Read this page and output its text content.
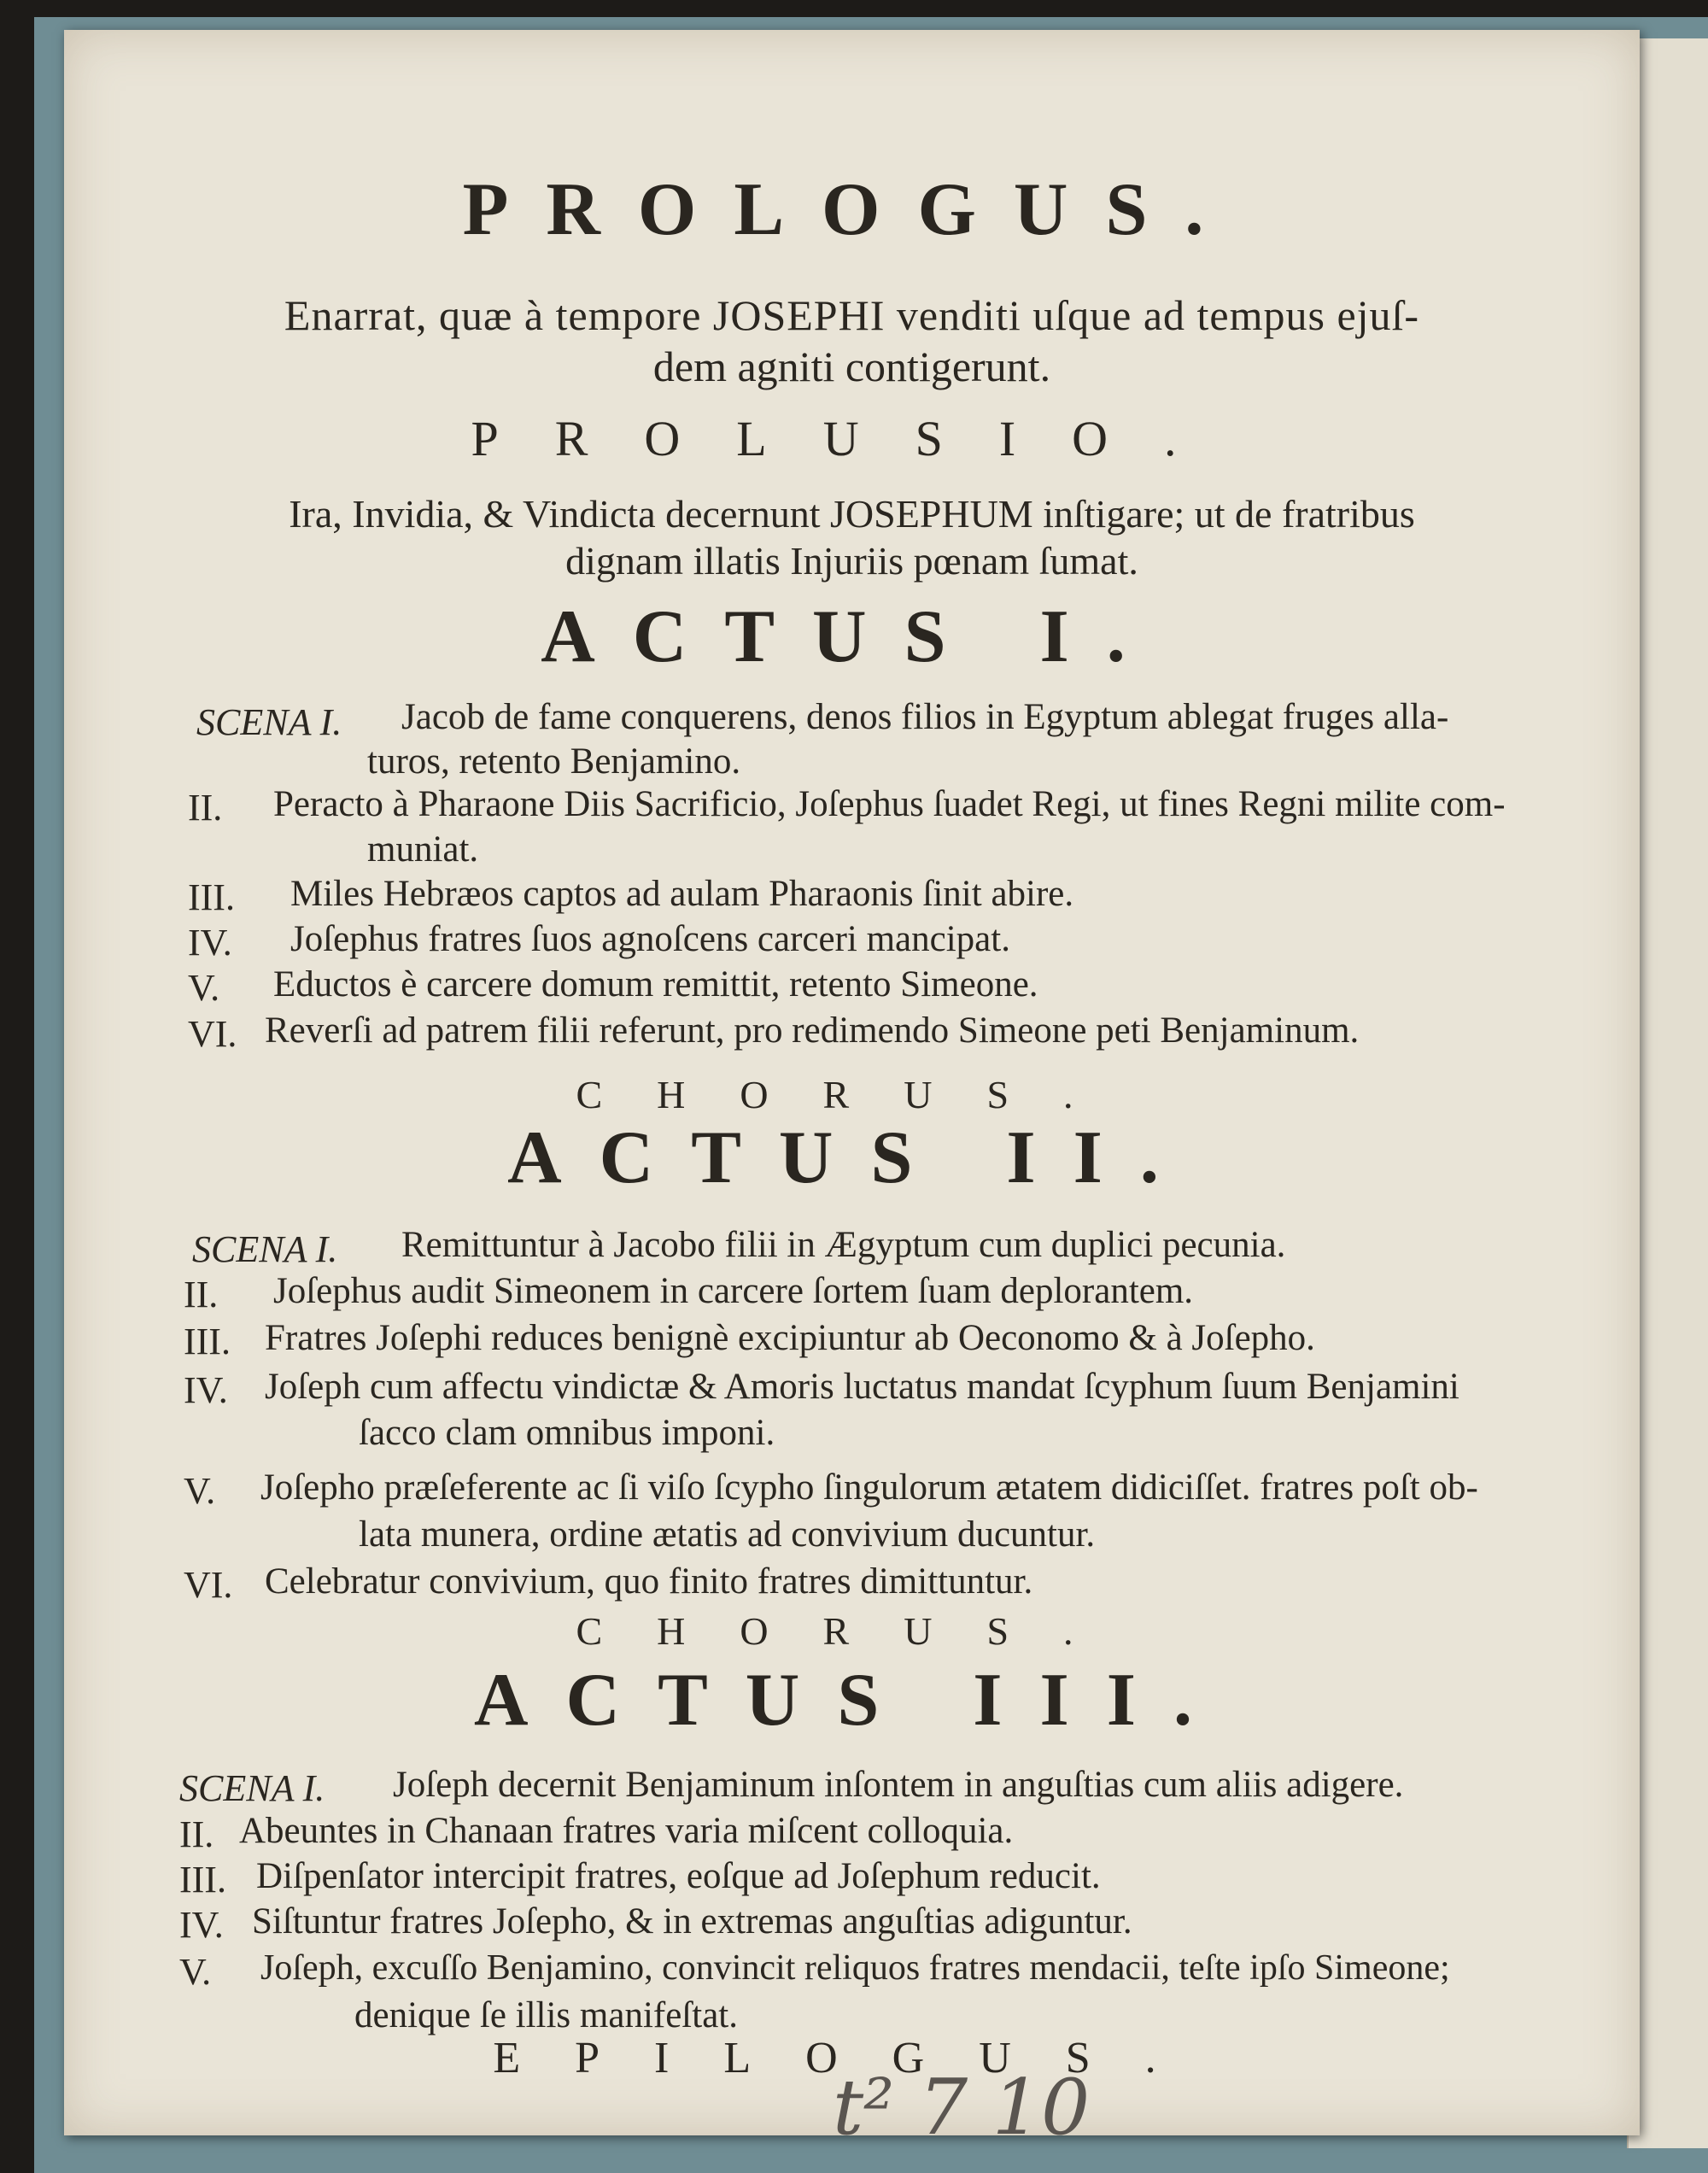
PROLOGUS.

Enarrat, quæ à tempore JOSEPHI venditi uſque ad tempus ejuſ-

dem agniti contigerunt.

PROLUSIO.

Ira, Invidia, & Vindicta decernunt JOSEPHUM inſtigare; ut de fratribus

dignam illatis Injuriis pœnam ſumat.

ACTUS I.

SCENA I. Jacob de fame conquerens, denos filios in Egyptum ablegat fruges alla-
turos, retento Benjamino.
II. Peracto à Pharaone Diis Sacrificio, Joſephus ſuadet Regi, ut fines Regni milite com-
muniat.
III. Miles Hebræos captos ad aulam Pharaonis ſinit abire.
IV. Joſephus fratres ſuos agnoſcens carceri mancipat.
V. Eductos è carcere domum remittit, retento Simeone.
VI. Reverſi ad patrem filii referunt, pro redimendo Simeone peti Benjaminum.

CHORUS.

ACTUS II.

SCENA I. Remittuntur à Jacobo filii in Ægyptum cum duplici pecunia.
II. Joſephus audit Simeonem in carcere ſortem ſuam deplorantem.
III. Fratres Joſephi reduces benignè excipiuntur ab Oeconomo & à Joſepho.
IV. Joſeph cum affectu vindictæ & Amoris luctatus mandat ſcyphum ſuum Benjamini
ſacco clam omnibus imponi.
V. Joſepho præſeferente ac ſi viſo ſcypho ſingulorum ætatem didiciſſet. fratres poſt ob-
lata munera, ordine ætatis ad convivium ducuntur.
VI. Celebratur convivium, quo finito fratres dimittuntur.

CHORUS.

ACTUS III.

SCENA I. Joſeph decernit Benjaminum inſontem in anguſtias cum aliis adigere.
II. Abeuntes in Chanaan fratres varia miſcent colloquia.
III. Diſpenſator intercipit fratres, eoſque ad Joſephum reducit.
IV. Siſtuntur fratres Joſepho, & in extremas anguſtias adiguntur.
V. Joſeph, excuſſo Benjamino, convincit reliquos fratres mendacii, teſte ipſo Simeone;
denique ſe illis manifeſtat.

EPILOGUS.

t² 7 10
